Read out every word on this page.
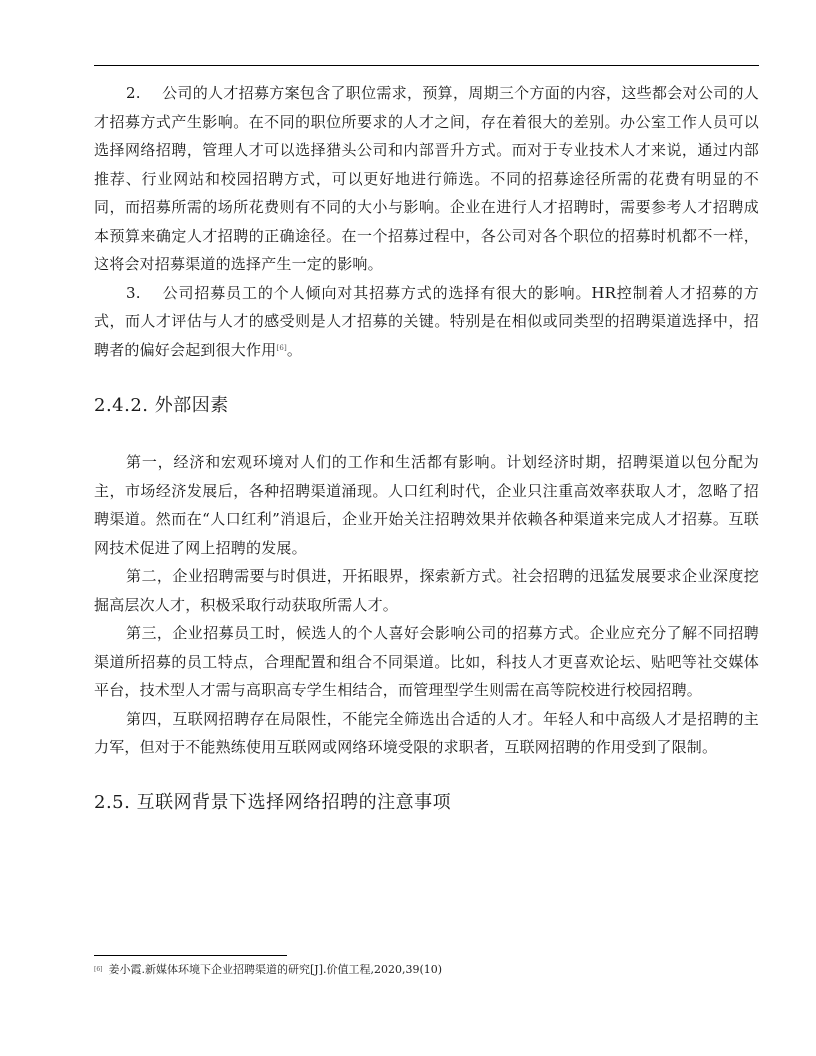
2. 公司的人才招募方案包含了职位需求，预算，周期三个方面的内容，这些都会对公司的人才招募方式产生影响。在不同的职位所要求的人才之间，存在着很大的差别。办公室工作人员可以选择网络招聘，管理人才可以选择猎头公司和内部晋升方式。而对于专业技术人才来说，通过内部推荐、行业网站和校园招聘方式，可以更好地进行筛选。不同的招募途径所需的花费有明显的不同，而招募所需的场所花费则有不同的大小与影响。企业在进行人才招聘时，需要参考人才招聘成本预算来确定人才招聘的正确途径。在一个招募过程中，各公司对各个职位的招募时机都不一样，这将会对招募渠道的选择产生一定的影响。

3. 公司招募员工的个人倾向对其招募方式的选择有很大的影响。HR控制着人才招募的方式，而人才评估与人才的感受则是人才招募的关键。特别是在相似或同类型的招聘渠道选择中，招聘者的偏好会起到很大作用[6]。

2.4.2. 外部因素

第一，经济和宏观环境对人们的工作和生活都有影响。计划经济时期，招聘渠道以包分配为主，市场经济发展后，各种招聘渠道涌现。人口红利时代，企业只注重高效率获取人才，忽略了招聘渠道。然而在“人口红利”消退后，企业开始关注招聘效果并依赖各种渠道来完成人才招募。互联网技术促进了网上招聘的发展。

第二，企业招聘需要与时俱进，开拓眼界，探索新方式。社会招聘的迅猛发展要求企业深度挖掘高层次人才，积极采取行动获取所需人才。

第三，企业招募员工时，候选人的个人喜好会影响公司的招募方式。企业应充分了解不同招聘渠道所招募的员工特点，合理配置和组合不同渠道。比如，科技人才更喜欢论坛、贴吧等社交媒体平台，技术型人才需与高职高专学生相结合，而管理型学生则需在高等院校进行校园招聘。

第四，互联网招聘存在局限性，不能完全筛选出合适的人才。年轻人和中高级人才是招聘的主力军，但对于不能熟练使用互联网或网络环境受限的求职者，互联网招聘的作用受到了限制。

2.5. 互联网背景下选择网络招聘的注意事项
[6] 姜小霞.新媒体环境下企业招聘渠道的研究[J].价值工程,2020,39(10)
